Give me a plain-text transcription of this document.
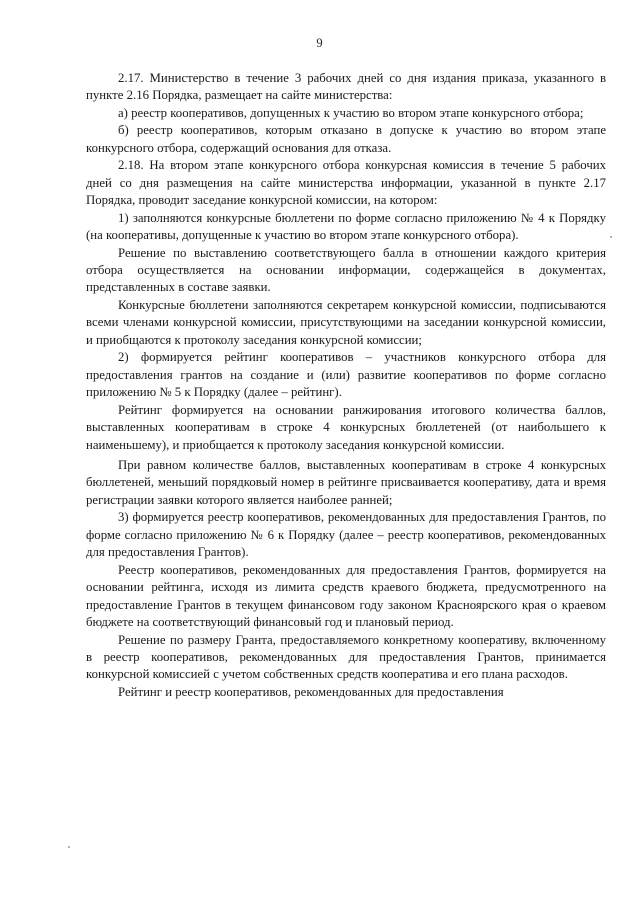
9

2.17. Министерство в течение 3 рабочих дней со дня издания приказа, указанного в пункте 2.16 Порядка, размещает на сайте министерства:

а) реестр кооперативов, допущенных к участию во втором этапе конкурсного отбора;

б) реестр кооперативов, которым отказано в допуске к участию во втором этапе конкурсного отбора, содержащий основания для отказа.

2.18. На втором этапе конкурсного отбора конкурсная комиссия в течение 5 рабочих дней со дня размещения на сайте министерства информации, указанной в пункте 2.17 Порядка, проводит заседание конкурсной комиссии, на котором:

1) заполняются конкурсные бюллетени по форме согласно приложению № 4 к Порядку (на кооперативы, допущенные к участию во втором этапе конкурсного отбора).

Решение по выставлению соответствующего балла в отношении каждого критерия отбора осуществляется на основании информации, содержащейся в документах, представленных в составе заявки.

Конкурсные бюллетени заполняются секретарем конкурсной комиссии, подписываются всеми членами конкурсной комиссии, присутствующими на заседании конкурсной комиссии, и приобщаются к протоколу заседания конкурсной комиссии;

2) формируется рейтинг кооперативов – участников конкурсного отбора для предоставления грантов на создание и (или) развитие кооперативов по форме согласно приложению № 5 к Порядку (далее – рейтинг).

Рейтинг формируется на основании ранжирования итогового количества баллов, выставленных кооперативам в строке 4 конкурсных бюллетеней (от наибольшего к наименьшему), и приобщается к протоколу заседания конкурсной комиссии.

При равном количестве баллов, выставленных кооперативам в строке 4 конкурсных бюллетеней, меньший порядковый номер в рейтинге присваивается кооперативу, дата и время регистрации заявки которого является наиболее ранней;

3) формируется реестр кооперативов, рекомендованных для предоставления Грантов, по форме согласно приложению № 6 к Порядку (далее – реестр кооперативов, рекомендованных для предоставления Грантов).

Реестр кооперативов, рекомендованных для предоставления Грантов, формируется на основании рейтинга, исходя из лимита средств краевого бюджета, предусмотренного на предоставление Грантов в текущем финансовом году законом Красноярского края о краевом бюджете на соответствующий финансовый год и плановый период.

Решение по размеру Гранта, предоставляемого конкретному кооперативу, включенному в реестр кооперативов, рекомендованных для предоставления Грантов, принимается конкурсной комиссией с учетом собственных средств кооператива и его плана расходов.

Рейтинг и реестр кооперативов, рекомендованных для предоставления
